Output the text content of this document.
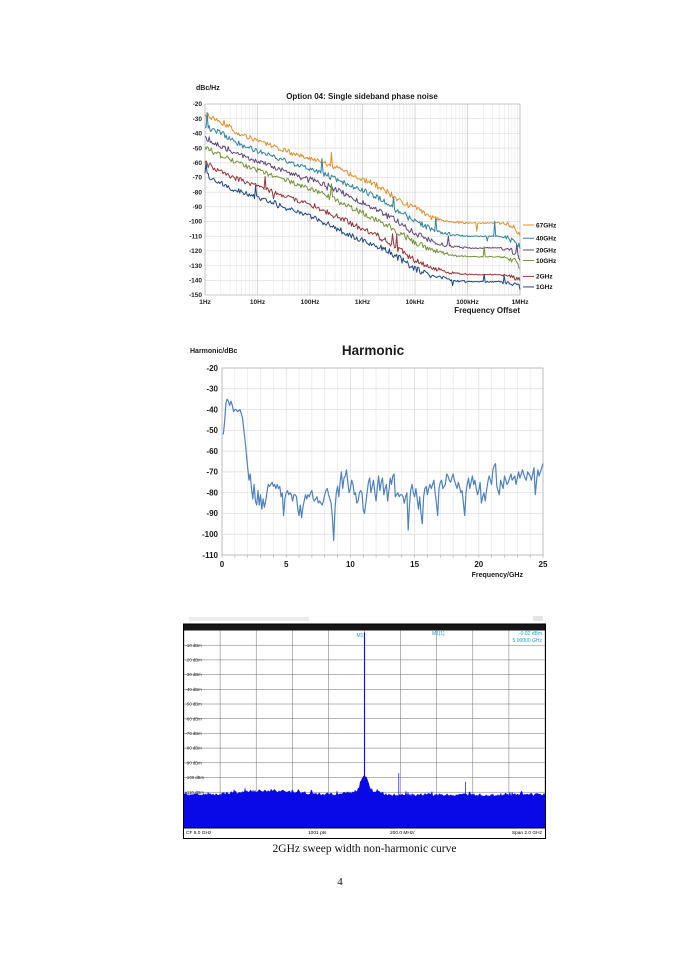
dBc/Hz
Option 04: Single sideband phase noise
-20
-30
-40
-50
-60
-70
-80
-90
-100
-110
-120
-130
-140
-150
1Hz	10Hz	100Hz	1kHz	10kHz	100kHz	1MHz
67GHz
40GHz
20GHz
10GHz
2GHz
1GHz
Frequency Offset
Harmonic/dBc	Harmonic
-20
-30
-40
-50
-60
-70
-80
-90
-100
-110
0	5	10	15	20	25
Frequency/GHz
-10 dBm
-20 dBm
-30 dBm
-40 dBm
-50 dBm
-60 dBm
-70 dBm
-80 dBm
-90 dBm
-100 dBm
-110 dBm
M1	M1[1]	-0.02 dBm
5.00000 GHz
CF 5.0 GHz	1001 pts	200.0 MHz/	Span 2.0 GHz
2GHz sweep width non-harmonic curve
4
